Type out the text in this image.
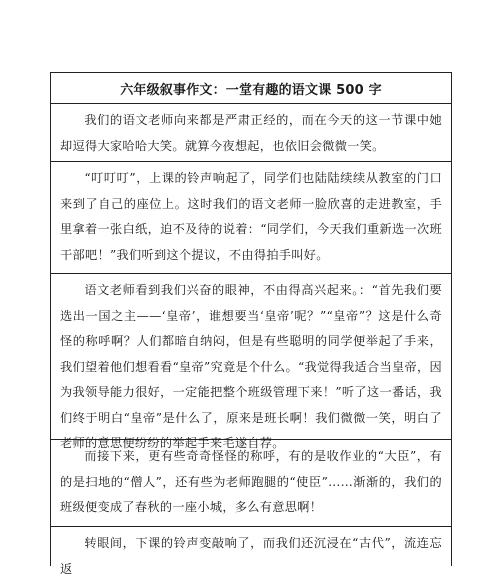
六年级叙事作文：一堂有趣的语文课 500 字
我们的语文老师向来都是严肃正经的，而在今天的这一节课中她却逗得大家哈哈大笑。就算今夜想起，也依旧会微微一笑。
“叮叮叮”，上课的铃声响起了，同学们也陆陆续续从教室的门口来到了自己的座位上。这时我们的语文老师一脸欣喜的走进教室，手里拿着一张白纸，迫不及待的说着：“同学们，今天我们重新选一次班干部吧！”我们听到这个提议，不由得拍手叫好。
语文老师看到我们兴奋的眼神，不由得高兴起来。：“首先我们要选出一国之主——‘皇帝’，谁想要当‘皇帝’呢？”“皇帝”？这是什么奇怪的称呼啊？人们都暗自纳闷，但是有些聪明的同学便举起了手来，我们望着他们想看看“皇帝”究竟是个什么。“我觉得我适合当皇帝，因为我领导能力很好，一定能把整个班级管理下来！”听了这一番话，我们终于明白“皇帝”是什么了，原来是班长啊！我们微微一笑，明白了老师的意思便纷纷的举起手来毛遂自荐。
而接下来，更有些奇奇怪怪的称呼，有的是收作业的“大臣”，有的是扫地的“僧人”，还有些为老师跑腿的“使臣”……渐渐的，我们的班级便变成了春秋的一座小城，多么有意思啊！
转眼间，下课的铃声变敲响了，而我们还沉浸在“古代”，流连忘返
